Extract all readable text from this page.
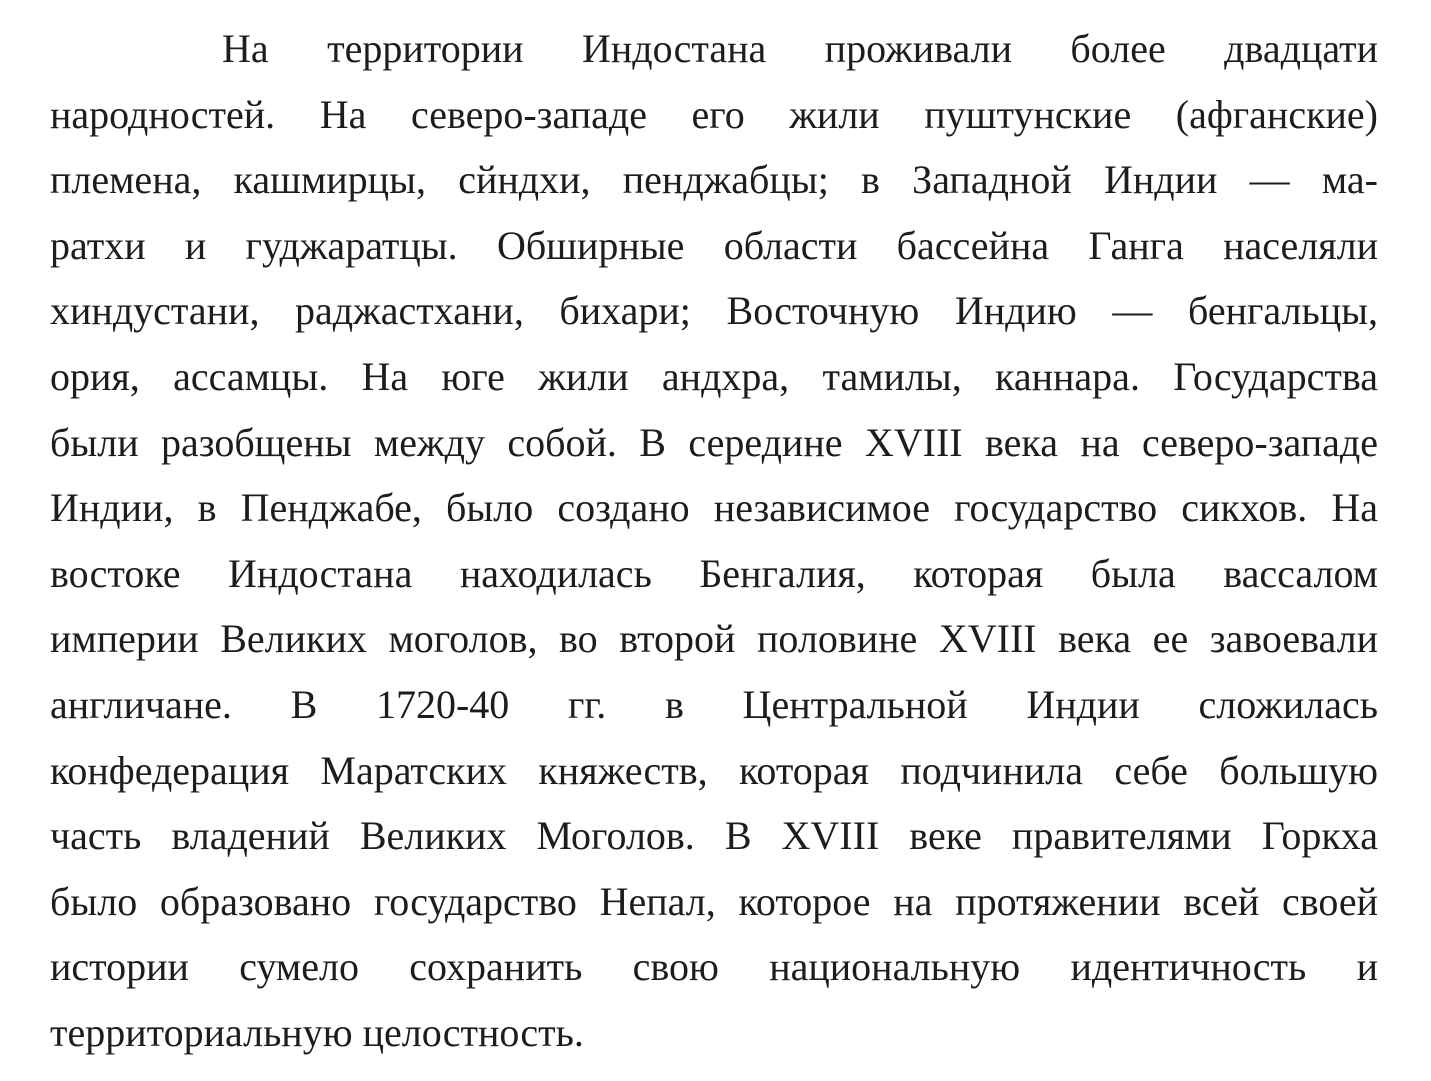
На территории Индостана проживали более двадцати
народностей. На северо-западе его жили пуштунские (афганские)
племена, кашмирцы, сйндхи, пенджабцы; в Западной Индии — ма-
ратхи и гуджаратцы. Обширные области бассейна Ганга населяли
хиндустани, раджастхани, бихари; Восточную Индию — бенгальцы,
ория, ассамцы. На юге жили андхра, тамилы, каннара. Государства
были разобщены между собой. В середине XVIII века на северо-западе
Индии, в Пенджабе, было создано независимое государство сикхов. На
востоке Индостана находилась Бенгалия, которая была вассалом
империи Великих моголов, во второй половине XVIII века ее завоевали
англичане. В 1720-40 гг. в Центральной Индии сложилась
конфедерация Маратских княжеств, которая подчинила себе большую
часть владений Великих Моголов. В XVIII веке правителями Горкха
было образовано государство Непал, которое на протяжении всей своей
истории сумело сохранить свою национальную идентичность и
территориальную целостность.
